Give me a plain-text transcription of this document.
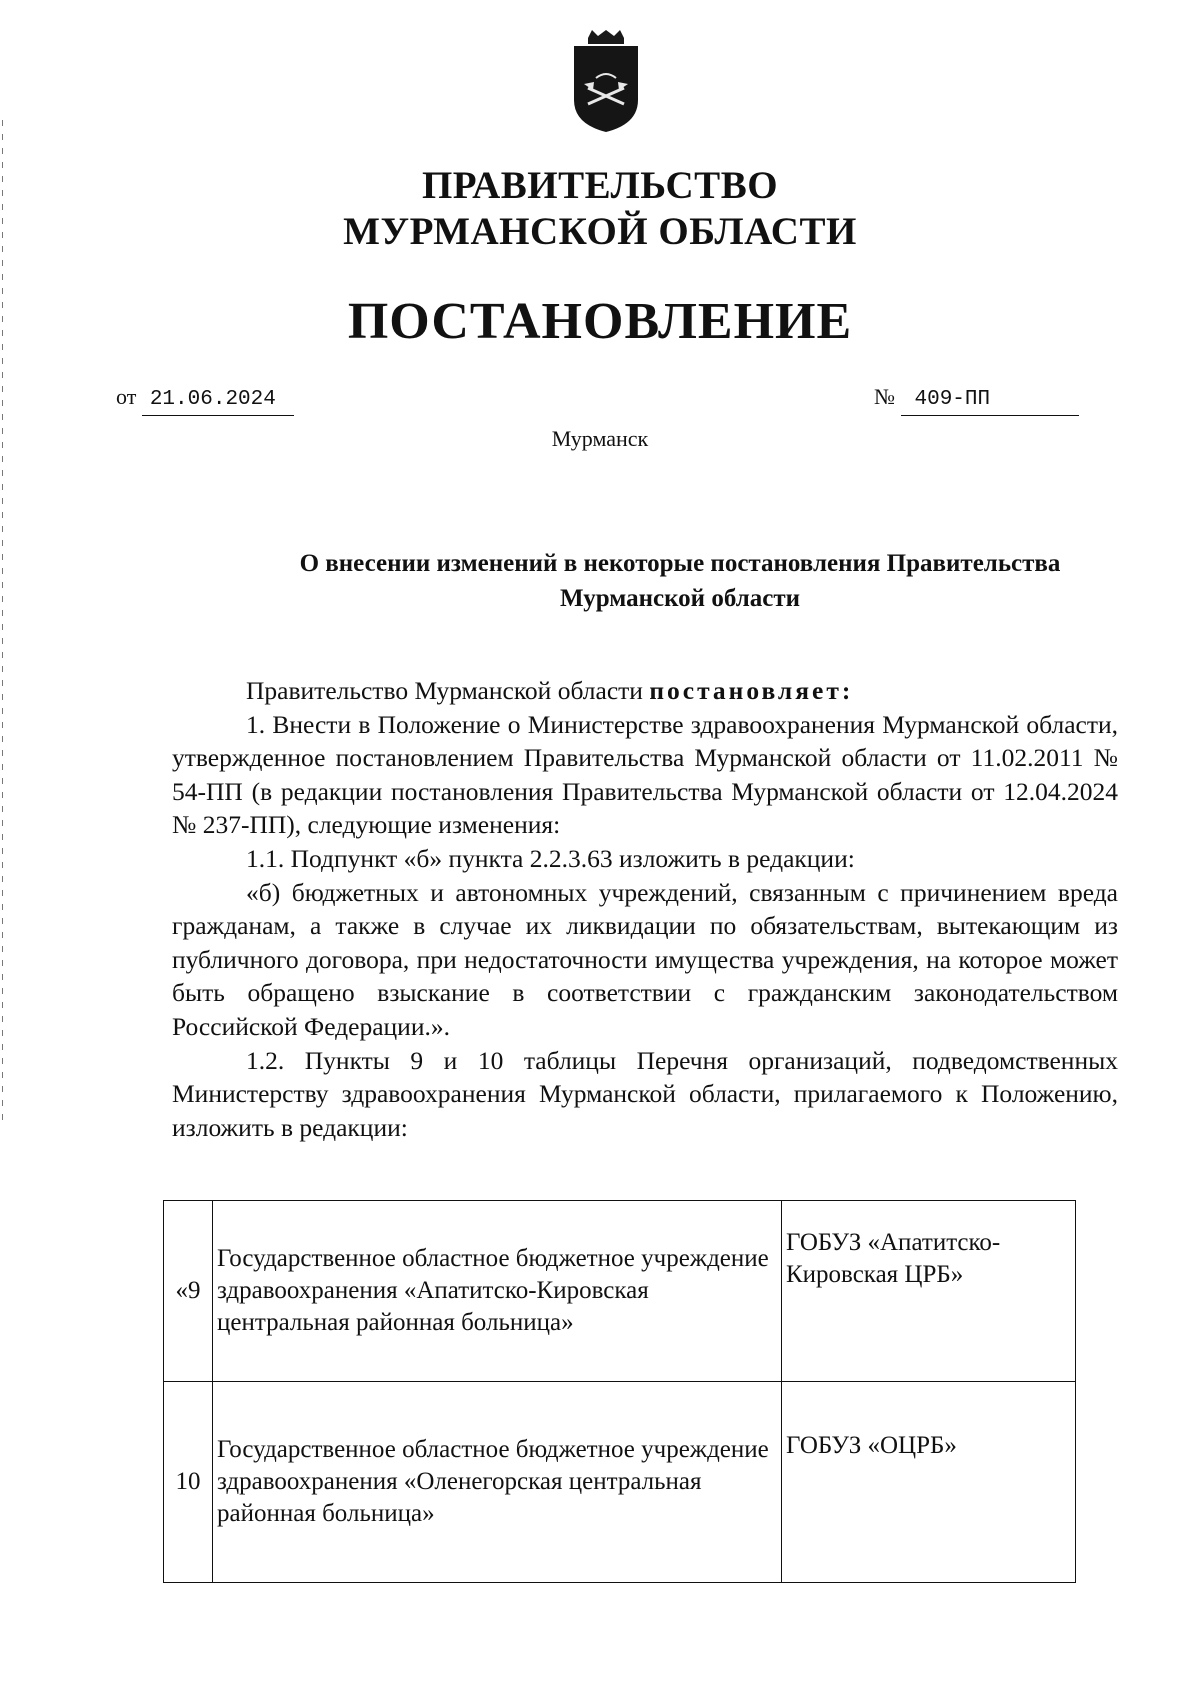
ПРАВИТЕЛЬСТВО
МУРМАНСКОЙ ОБЛАСТИ
ПОСТАНОВЛЕНИЕ
от 21.06.2024	№ 409-ПП
Мурманск
О внесении изменений в некоторые постановления Правительства
Мурманской области

Правительство Мурманской области постановляет:

1. Внести в Положение о Министерстве здравоохранения Мурманской области, утвержденное постановлением Правительства Мурманской области от 11.02.2011 № 54-ПП (в редакции постановления Правительства Мурманской области от 12.04.2024 № 237-ПП), следующие изменения:

1.1. Подпункт «б» пункта 2.2.3.63 изложить в редакции:

«б) бюджетных и автономных учреждений, связанным с причинением вреда гражданам, а также в случае их ликвидации по обязательствам, вытекающим из публичного договора, при недостаточности имущества учреждения, на которое может быть обращено взыскание в соответствии с гражданским законодательством Российской Федерации.».

1.2. Пункты 9 и 10 таблицы Перечня организаций, подведомственных Министерству здравоохранения Мурманской области, прилагаемого к Положению, изложить в редакции:

«9	Государственное областное бюджетное учреждение здравоохранения «Апатитско-Кировская центральная районная больница»	ГОБУЗ «Апатитско-Кировская ЦРБ»
10	Государственное областное бюджетное учреждение здравоохранения «Оленегорская центральная районная больница»	ГОБУЗ «ОЦРБ»
